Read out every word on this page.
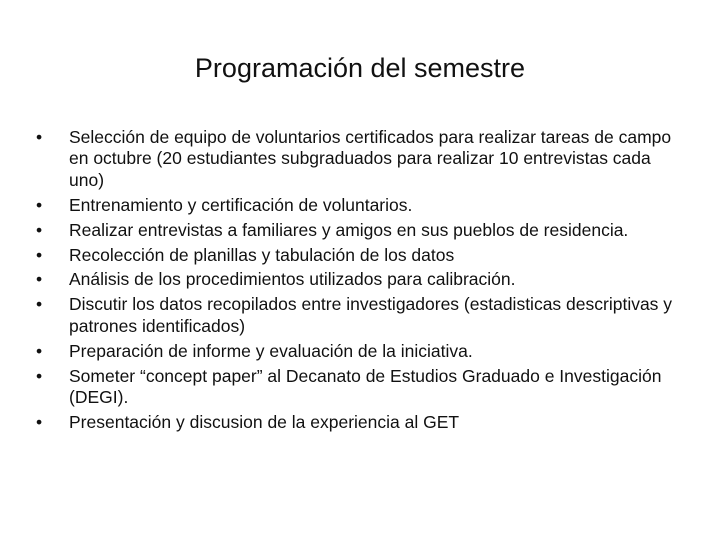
Programación del semestre
•	Selección de equipo de voluntarios certificados para realizar tareas de campo en octubre (20 estudiantes subgraduados para realizar 10 entrevistas cada uno)
•	Entrenamiento y certificación de voluntarios.
•	Realizar entrevistas a familiares y amigos en sus pueblos de residencia.
•	Recolección de planillas y tabulación de los datos
•	Análisis de los procedimientos utilizados para calibración.
•	Discutir los datos recopilados entre investigadores (estadisticas descriptivas y patrones identificados)
•	Preparación de informe y evaluación de la iniciativa.
•	Someter “concept paper” al Decanato de Estudios Graduado e Investigación (DEGI).
•	Presentación y discusion de la experiencia al GET
